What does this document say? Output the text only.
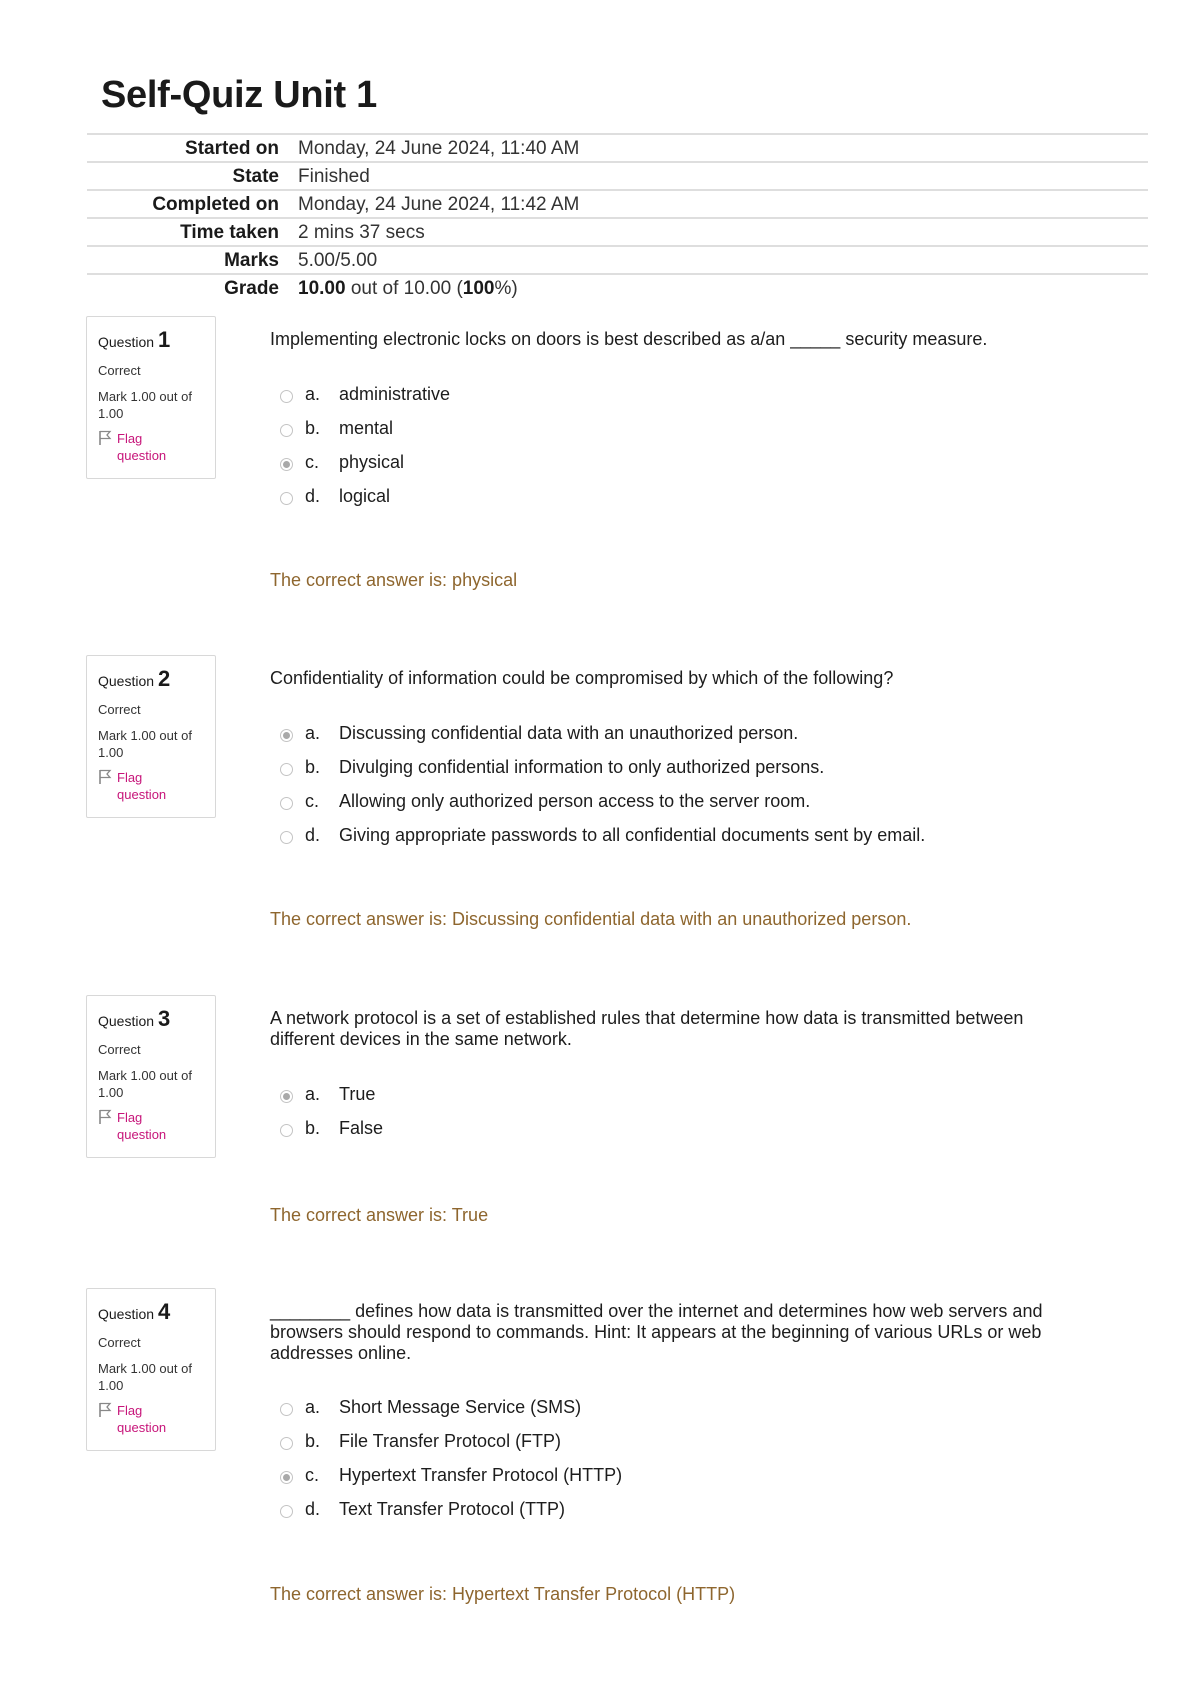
Self-Quiz Unit 1
Started on	Monday, 24 June 2024, 11:40 AM
State	Finished
Completed on	Monday, 24 June 2024, 11:42 AM
Time taken	2 mins 37 secs
Marks	5.00/5.00
Grade	10.00 out of 10.00 (100%)
Question 1
Correct
Mark 1.00 out of 1.00
Flag question
Implementing electronic locks on doors is best described as a/an _____ security measure.
a.	administrative
b.	mental
c.	physical
d.	logical
The correct answer is: physical
Question 2
Correct
Mark 1.00 out of 1.00
Flag question
Confidentiality of information could be compromised by which of the following?
a.	Discussing confidential data with an unauthorized person.
b.	Divulging confidential information to only authorized persons.
c.	Allowing only authorized person access to the server room.
d.	Giving appropriate passwords to all confidential documents sent by email.
The correct answer is: Discussing confidential data with an unauthorized person.
Question 3
Correct
Mark 1.00 out of 1.00
Flag question
A network protocol is a set of established rules that determine how data is transmitted between different devices in the same network.
a.	True
b.	False
The correct answer is: True
Question 4
Correct
Mark 1.00 out of 1.00
Flag question
________ defines how data is transmitted over the internet and determines how web servers and browsers should respond to commands. Hint: It appears at the beginning of various URLs or web addresses online.
a.	Short Message Service (SMS)
b.	File Transfer Protocol (FTP)
c.	Hypertext Transfer Protocol (HTTP)
d.	Text Transfer Protocol (TTP)
The correct answer is: Hypertext Transfer Protocol (HTTP)
